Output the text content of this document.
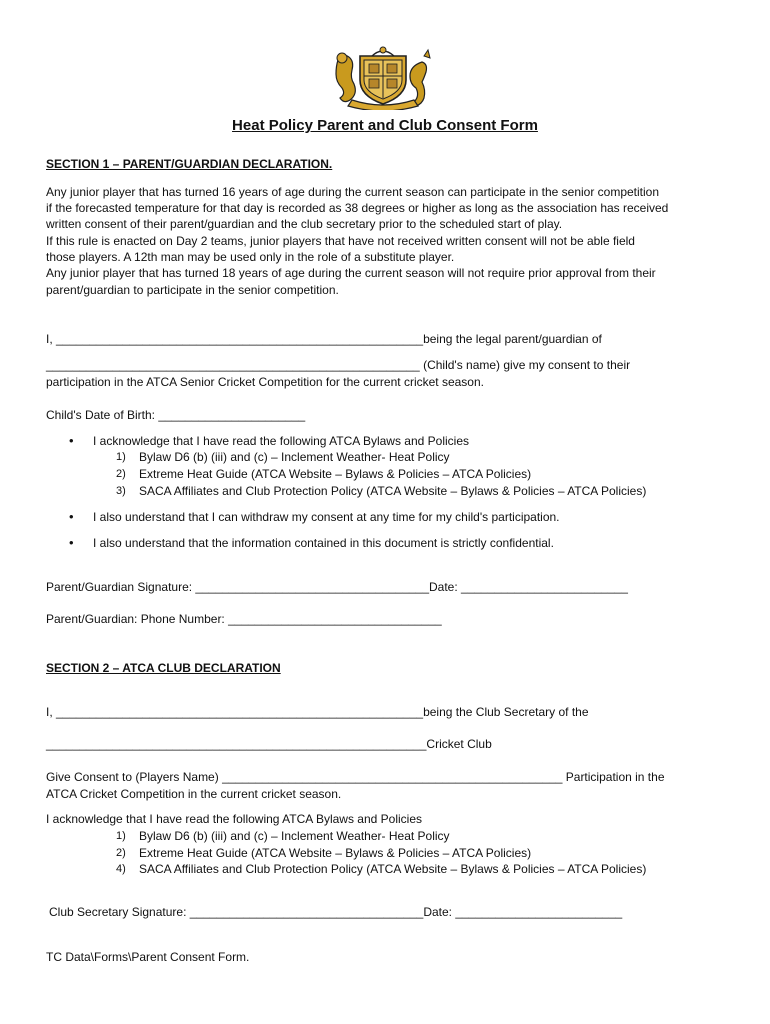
Heat Policy Parent and Club Consent Form
SECTION 1 – PARENT/GUARDIAN DECLARATION.
Any junior player that has turned 16 years of age during the current season can participate in the senior competition
if the forecasted temperature for that day is recorded as 38 degrees or higher as long as the association has received
written consent of their parent/guardian and the club secretary prior to the scheduled start of play.
If this rule is enacted on Day 2 teams, junior players that have not received written consent will not be able field
those players. A 12th man may be used only in the role of a substitute player.
Any junior player that has turned 18 years of age during the current season will not require prior approval from their
parent/guardian to participate in the senior competition.
I, _______________________________________________________being the legal parent/guardian of
________________________________________________________ (Child's name) give my consent to their
participation in the ATCA Senior Cricket Competition for the current cricket season.
Child's Date of Birth: ______________________
• I acknowledge that I have read the following ATCA Bylaws and Policies
1) Bylaw D6 (b) (iii) and (c) – Inclement Weather- Heat Policy
2) Extreme Heat Guide (ATCA Website – Bylaws & Policies – ATCA Policies)
3) SACA Affiliates and Club Protection Policy (ATCA Website – Bylaws & Policies – ATCA Policies)
• I also understand that I can withdraw my consent at any time for my child's participation.
• I also understand that the information contained in this document is strictly confidential.
Parent/Guardian Signature: ___________________________________Date: _________________________
Parent/Guardian: Phone Number: ________________________________
SECTION 2 – ATCA CLUB DECLARATION
I, _______________________________________________________being the Club Secretary of the
_________________________________________________________Cricket Club
Give Consent to (Players Name) ___________________________________________________ Participation in the
ATCA Cricket Competition in the current cricket season.
I acknowledge that I have read the following ATCA Bylaws and Policies
1) Bylaw D6 (b) (iii) and (c) – Inclement Weather- Heat Policy
2) Extreme Heat Guide (ATCA Website – Bylaws & Policies – ATCA Policies)
4) SACA Affiliates and Club Protection Policy (ATCA Website – Bylaws & Policies – ATCA Policies)
Club Secretary Signature: ___________________________________Date: _________________________
TC Data\Forms\Parent Consent Form.
